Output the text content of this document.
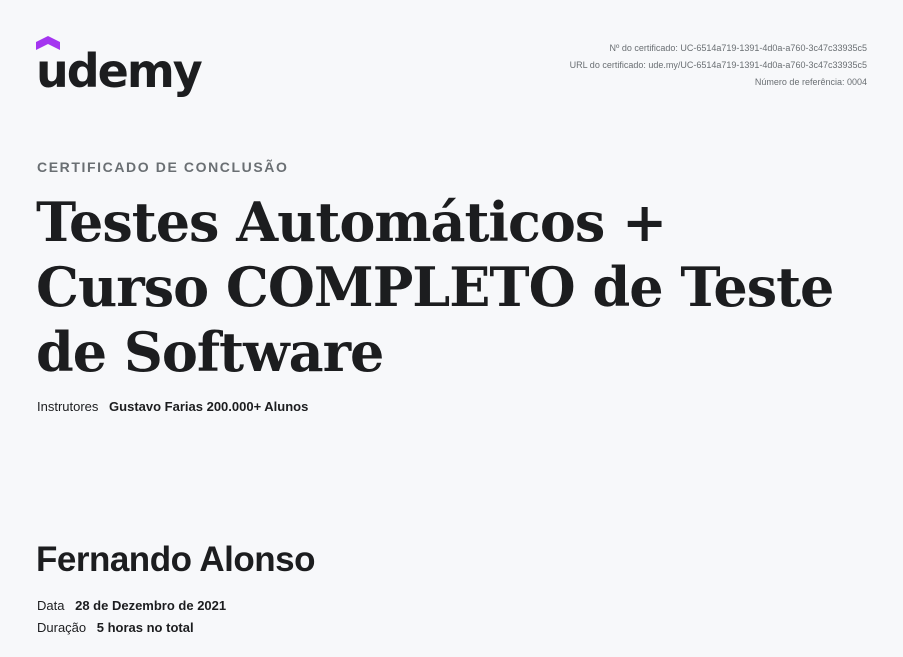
udemy	Nº do certificado: UC-6514a719-1391-4d0a-a760-3c47c33935c5
URL do certificado: ude.my/UC-6514a719-1391-4d0a-a760-3c47c33935c5
Número de referência: 0004
CERTIFICADO DE CONCLUSÃO
Testes Automáticos + Curso COMPLETO de Teste de Software
Instrutores Gustavo Farias 200.000+ Alunos
Fernando Alonso
Data 28 de Dezembro de 2021
Duração 5 horas no total
